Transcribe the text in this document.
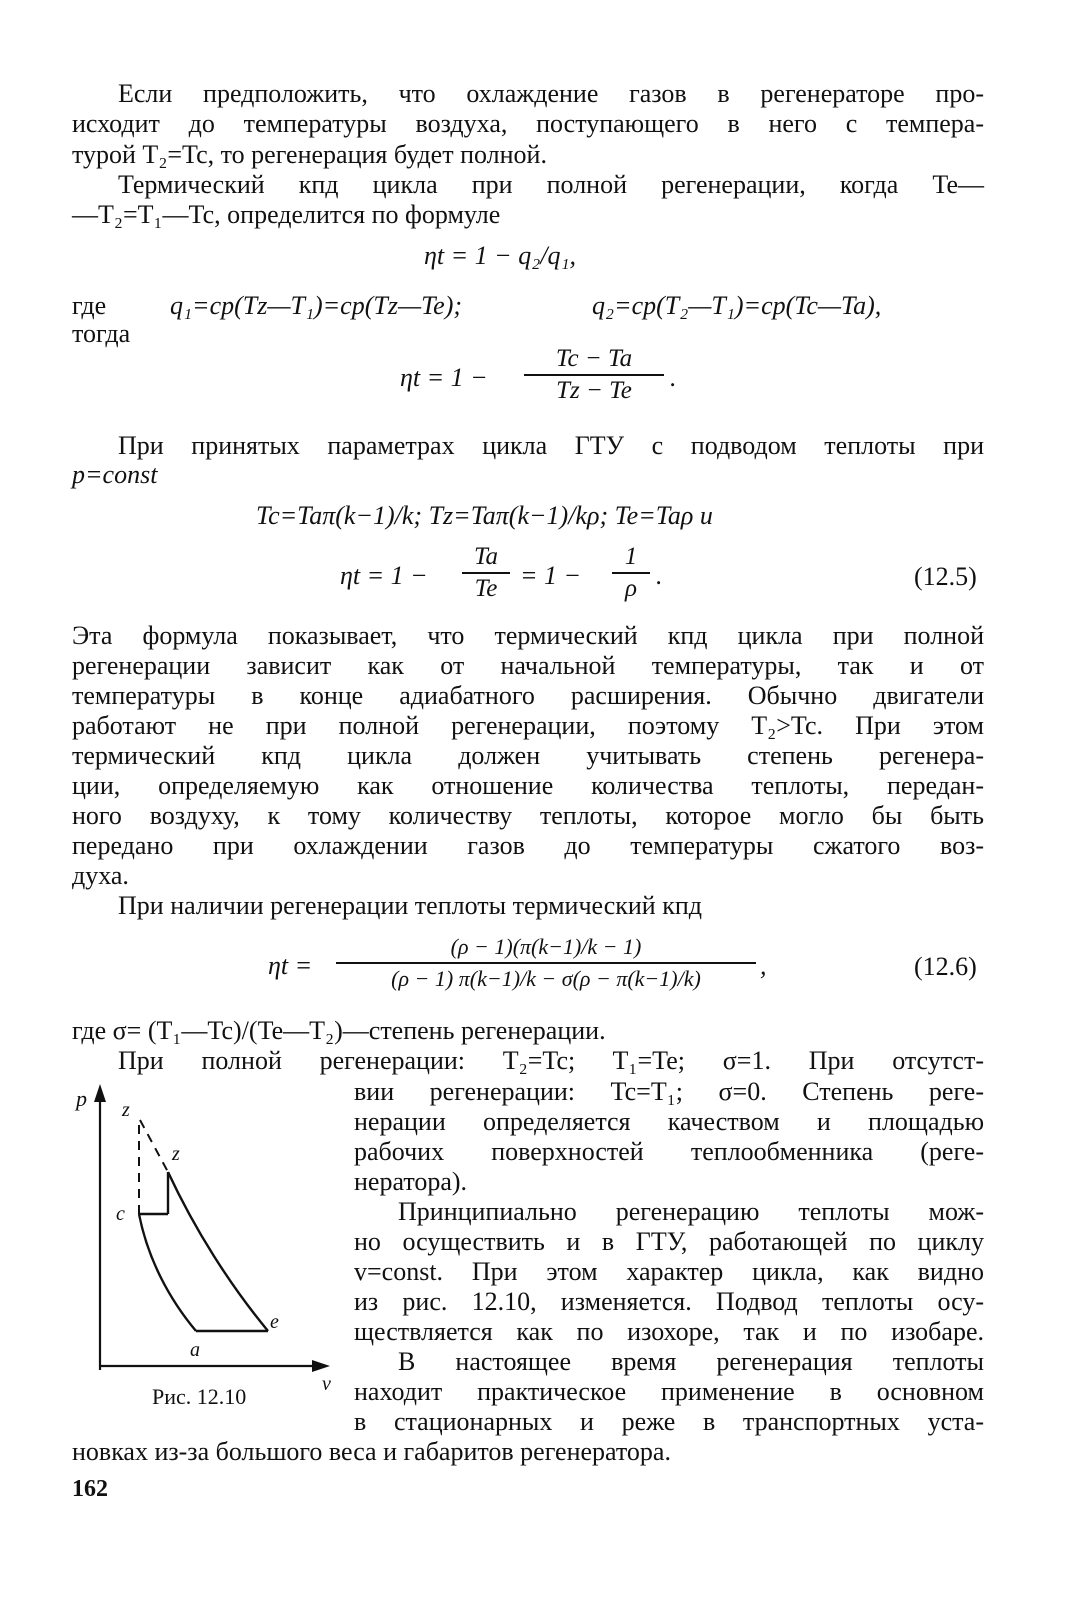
Если предположить, что охлаждение газов в регенераторе про-
исходит до температуры воздуха, поступающего в него с темпера-
турой T₂=Tc, то регенерация будет полной.
Термический кпд цикла при полной регенерации, когда Te—
—T₂=T₁—Tc, определится по формуле
ηt = 1 − q₂/q₁,
где q₁=cp(Tz—T₁)=cp(Tz—Te);	q₂=cp(T₂—T₁)=cp(Tc—Ta),
тогда
ηt = 1 −
Tc − Ta
Tz − Te .
При принятых параметрах цикла ГТУ с подводом теплоты при
p=const
Tc=Taπ(k−1)/k; Tz=Taπ(k−1)/kρ; Te=Taρ и
ηt = 1 −
Ta
Te = 1 −
1
ρ .	(12.5)
Эта формула показывает, что термический кпд цикла при полной
регенерации зависит как от начальной температуры, так и от
температуры в конце адиабатного расширения. Обычно двигатели
работают не при полной регенерации, поэтому T₂>Tc. При этом
термический кпд цикла должен учитывать степень регенера-
ции, определяемую как отношение количества теплоты, передан-
ного воздуху, к тому количеству теплоты, которое могло бы быть
передано при охлаждении газов до температуры сжатого воз-
духа.
При наличии регенерации теплоты термический кпд
ηt =
(ρ − 1)(π(k−1)/k − 1)
(ρ − 1) π(k−1)/k − σ(ρ − π(k−1)/k) ,	(12.6)
где σ= (T₁—Tc)/(Te—T₂)—степень регенерации.
При полной регенерации: T₂=Tc; T₁=Te; σ=1. При отсутст-
вии регенерации: Tc=T₁; σ=0. Степень реге-
нерации определяется качеством и площадью
рабочих поверхностей теплообменника (реге-
нератора).
Принципиально регенерацию теплоты мож-
но осуществить и в ГТУ, работающей по циклу
v=const. При этом характер цикла, как видно
из рис. 12.10, изменяется. Подвод теплоты осу-
ществляется как по изохоре, так и по изобаре.
В настоящее время регенерация теплоты
находит практическое применение в основном
в стационарных и реже в транспортных уста-
новках из-за большого веса и габаритов регенератора.
p
v
z
z
c
a
e
Рис. 12.10
162
